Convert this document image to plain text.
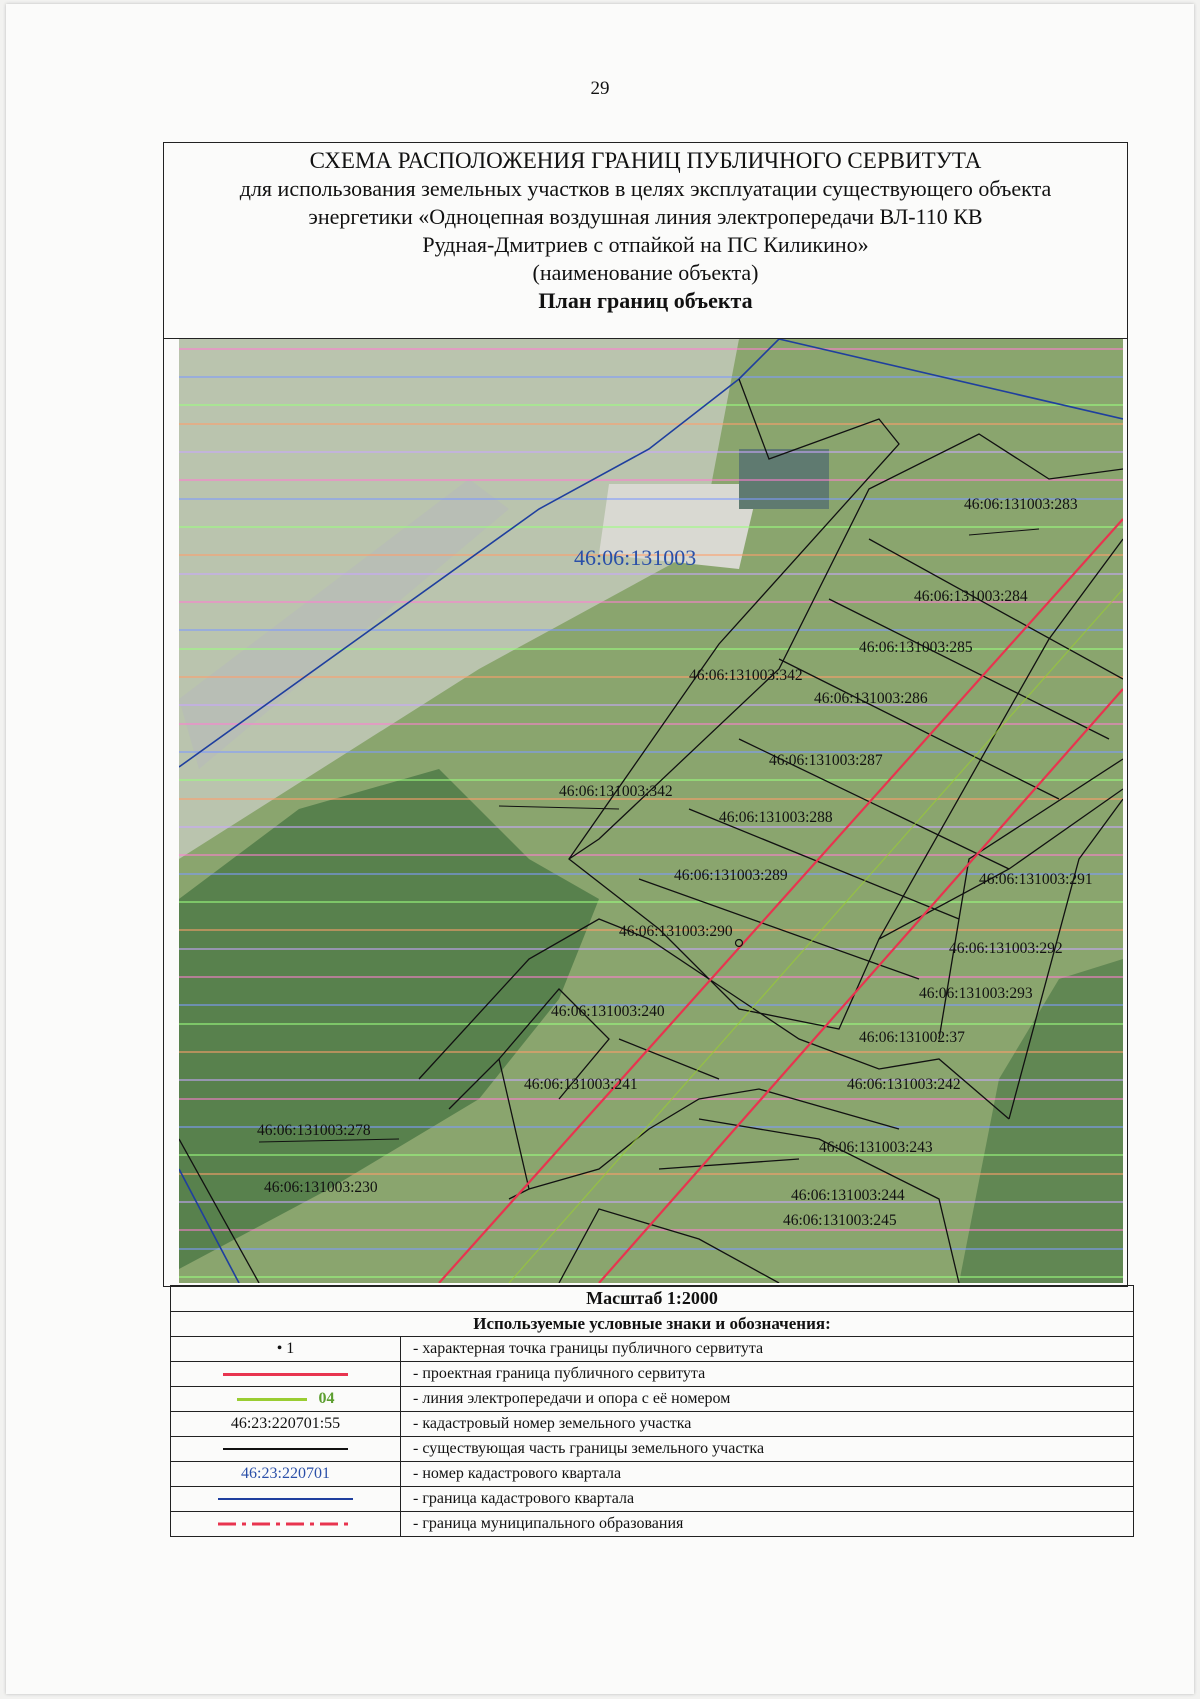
29
СХЕМА РАСПОЛОЖЕНИЯ ГРАНИЦ ПУБЛИЧНОГО СЕРВИТУТА
для использования земельных участков в целях эксплуатации существующего объекта
энергетики «Одноцепная воздушная линия электропередачи ВЛ-110 КВ
Рудная-Дмитриев с отпайкой на ПС Киликино»
(наименование объекта)
План границ объекта
46:06:131003
46:06:131003:283
46:06:131003:284
46:06:131003:285
46:06:131003:342
46:06:131003:286
46:06:131003:287
46:06:131003:342
46:06:131003:288
46:06:131003:289	46:06:131003:291
46:06:131003:290
46:06:131003:292
46:06:131003:293
46:06:131003:240
46:06:131002:37
46:06:131003:241	46:06:131003:242
46:06:131003:278
46:06:131003:243
46:06:131003:230	46:06:131003:244
46:06:131003:245
Масштаб 1:2000	
Используемые условные знаки и обозначения:	
• 1	- характерная точка границы публичного сервитута
	- проектная граница публичного сервитута
04	- линия электропередачи и опора с её номером
46:23:220701:55	- кадастровый номер земельного участка
	- существующая часть границы земельного участка
46:23:220701	- номер кадастрового квартала
	- граница кадастрового квартала
	- граница муниципального образования
